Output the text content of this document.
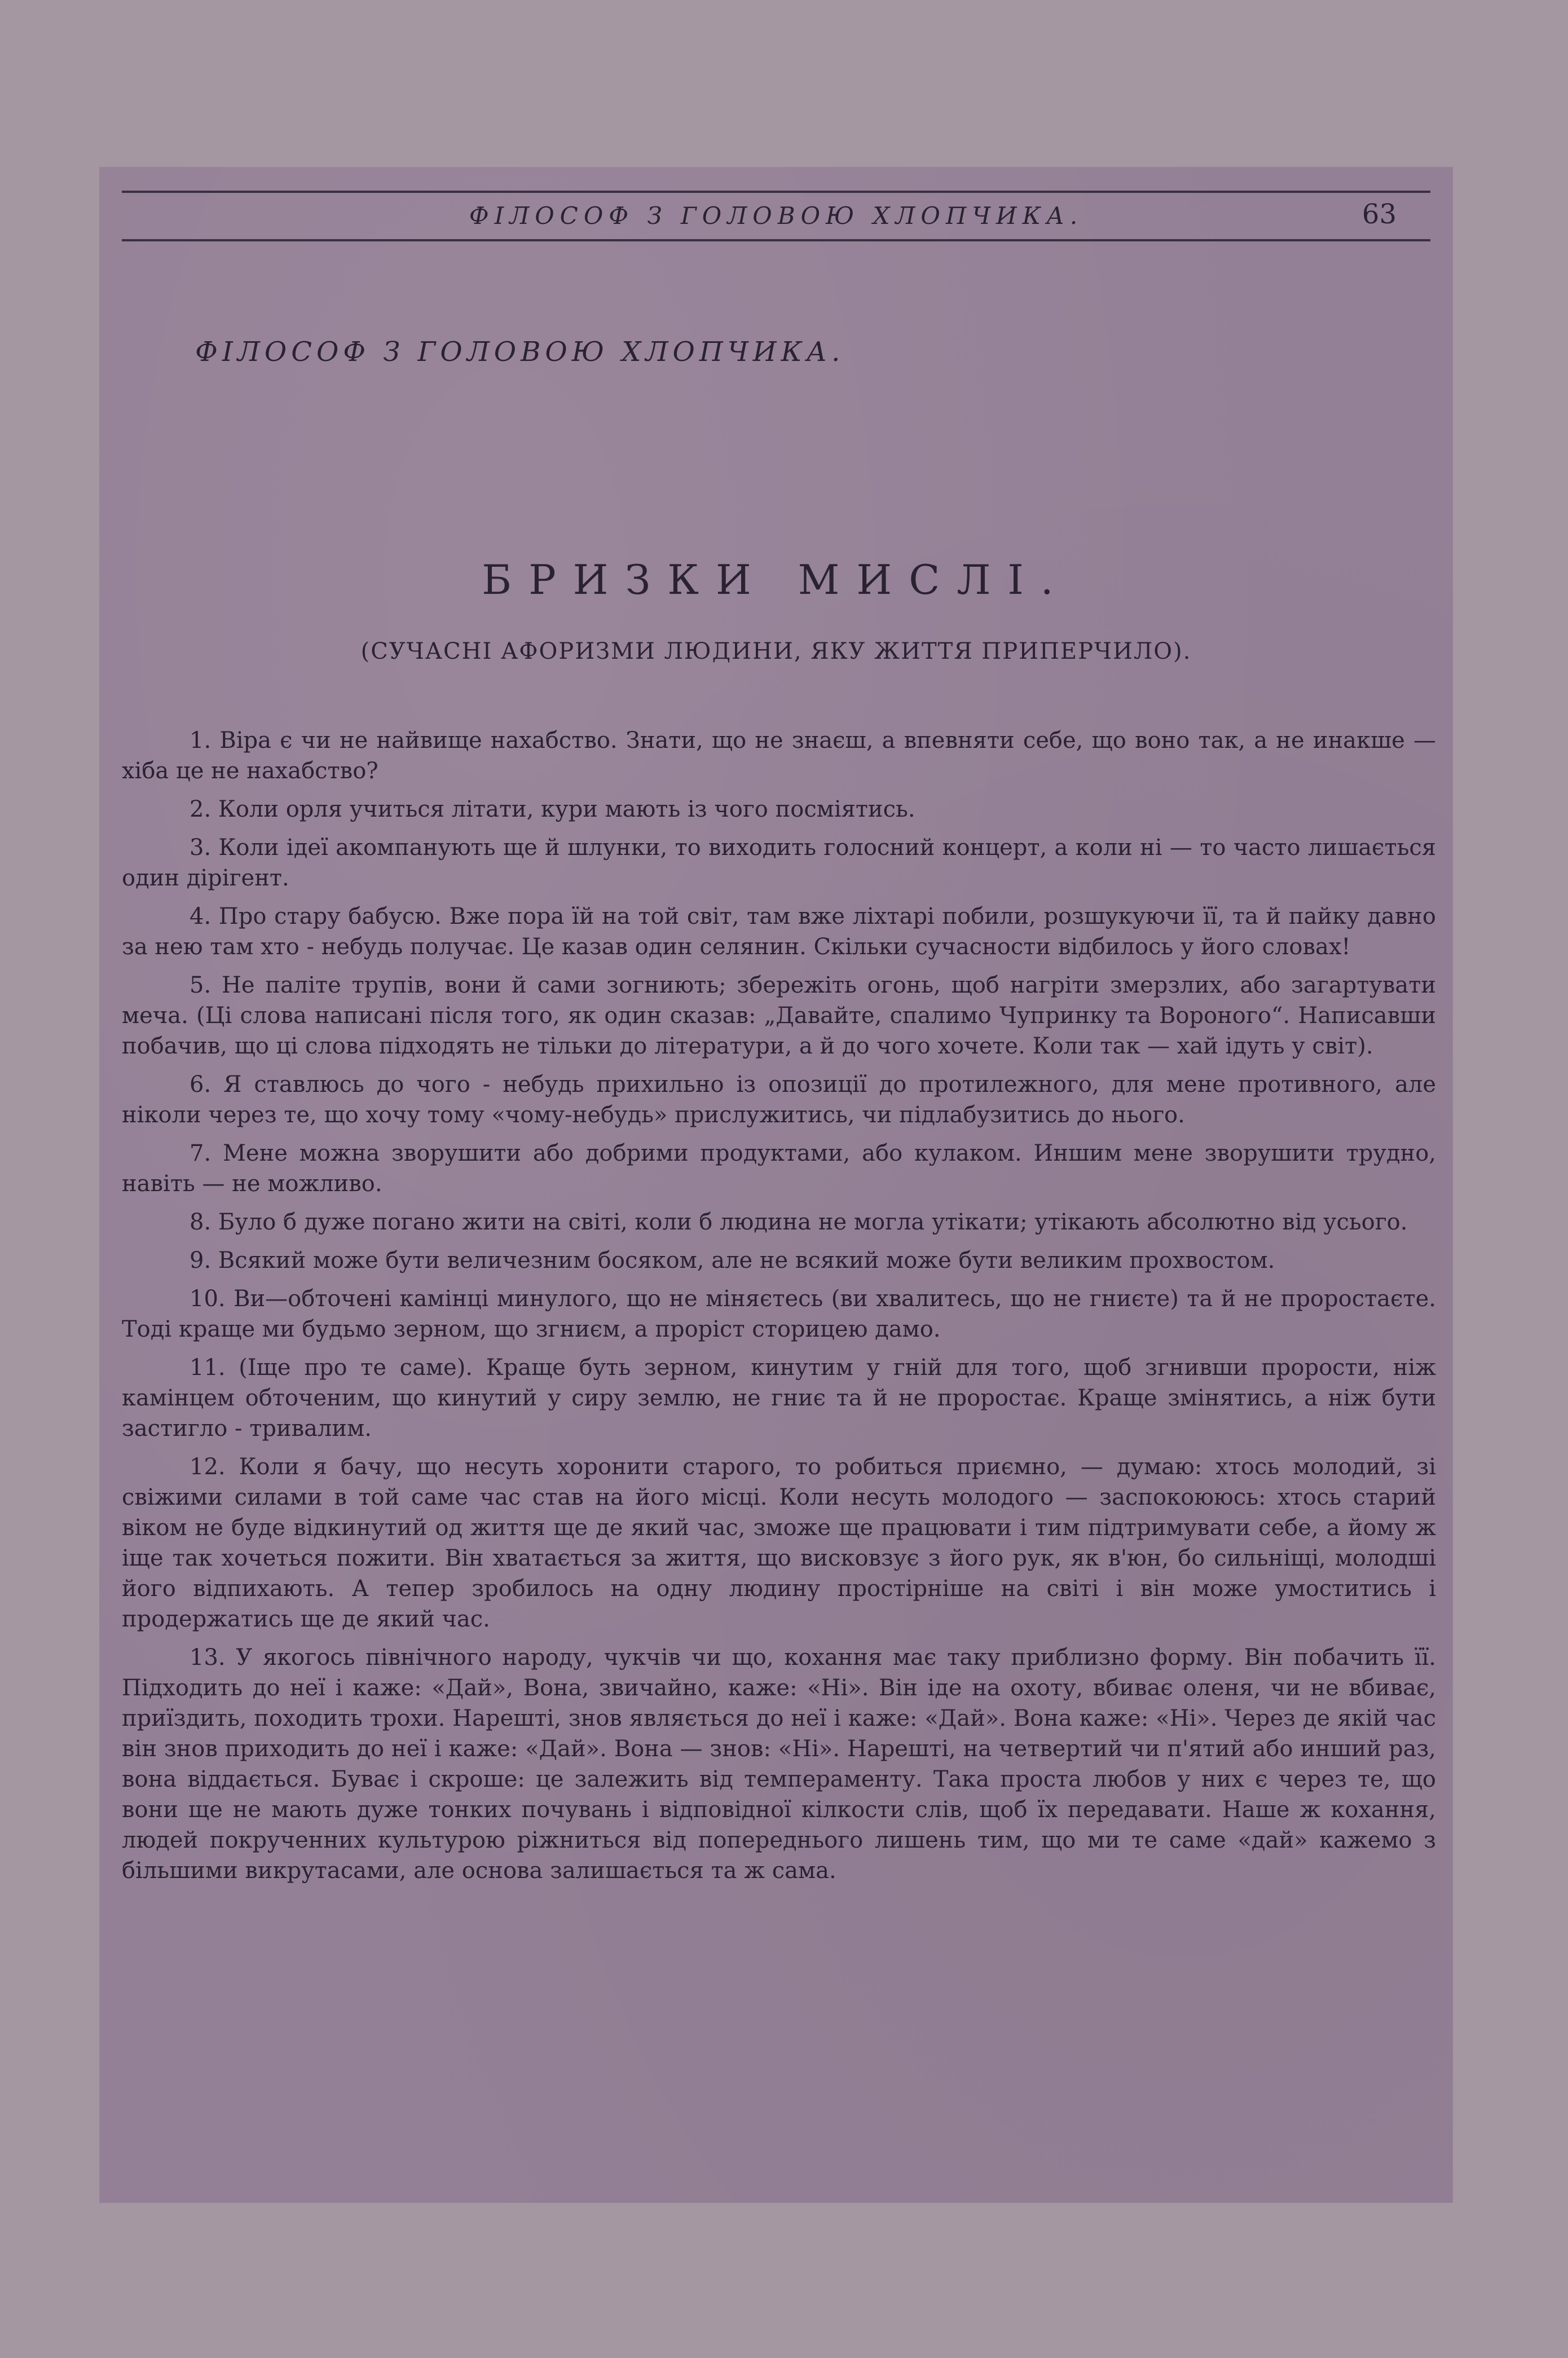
ФІЛОСОФ З ГОЛОВОЮ ХЛОПЧИКА.	63
ФІЛОСОФ З ГОЛОВОЮ ХЛОПЧИКА.
БРИЗКИ МИСЛІ.
(СУЧАСНІ АФОРИЗМИ ЛЮДИНИ, ЯКУ ЖИТТЯ ПРИПЕРЧИЛО).

1. Віра є чи не найвище нахабство. Знати, що не знаєш, а впевняти себе, що воно так, а не инакше — хіба це не нахабство?

2. Коли орля учиться літати, кури мають із чого посміятись.

3. Коли ідеї акомпанують ще й шлунки, то виходить голосний концерт, а коли ні — то часто лишається один дірігент.

4. Про стару бабусю. Вже пора їй на той світ, там вже ліхтарі побили, розшукуючи її, та й пайку давно за нею там хто - небудь получає. Це казав один селянин. Скільки сучасности відбилось у його словах!

5. Не паліте трупів, вони й сами зогниють; збережіть огонь, щоб нагріти змерзлих, або загартувати меча. (Ці слова написані після того, як один сказав: „Давайте, спалимо Чупринку та Вороного“. Написавши побачив, що ці слова підходять не тільки до літератури, а й до чого хочете. Коли так — хай ідуть у світ).

6. Я ставлюсь до чого - небудь прихильно із опозиції до протилежного, для мене противного, але ніколи через те, що хочу тому «чому-небудь» прислужитись, чи підлабузитись до нього.

7. Мене можна зворушити або добрими продуктами, або кулаком. Иншим мене зворушити трудно, навіть — не можливо.

8. Було б дуже погано жити на світі, коли б людина не могла утікати; утікають абсолютно від усього.

9. Всякий може бути величезним босяком, але не всякий може бути великим прохвостом.

10. Ви—обточені камінці минулого, що не міняєтесь (ви хвалитесь, що не гниєте) та й не проростаєте. Тоді краще ми будьмо зерном, що згниєм, а проріст сторицею дамо.

11. (Іще про те саме). Краще буть зерном, кинутим у гній для того, щоб згнивши прорости, ніж камінцем обточеним, що кинутий у сиру землю, не гниє та й не проростає. Краще змінятись, а ніж бути застигло - тривалим.

12. Коли я бачу, що несуть хоронити старого, то робиться приємно, — думаю: хтось молодий, зі свіжими силами в той саме час став на його місці. Коли несуть молодого — заспокоююсь: хтось старий віком не буде відкинутий од життя ще де який час, зможе ще працювати і тим підтримувати себе, а йому ж іще так хочеться пожити. Він хватається за життя, що висковзує з його рук, як в'юн, бо сильніщі, молодші його відпихають. А тепер зробилось на одну людину простірніше на світі і він може умоститись і продержатись ще де який час.

13. У якогось північного народу, чукчів чи що, кохання має таку приблизно форму. Він побачить її. Підходить до неї і каже: «Дай», Вона, звичайно, каже: «Ні». Він іде на охоту, вбиває оленя, чи не вбиває, приїздить, походить трохи. Нарешті, знов являється до неї і каже: «Дай». Вона каже: «Ні». Через де якій час він знов приходить до неї і каже: «Дай». Вона — знов: «Ні». Нарешті, на четвертий чи п'ятий або инший раз, вона віддається. Буває і скроше: це залежить від темпераменту. Така проста любов у них є через те, що вони ще не мають дуже тонких почувань і відповідної кілкости слів, щоб їх передавати. Наше ж кохання, людей покрученних культурою ріжниться від попереднього лишень тим, що ми те саме «дай» кажемо з більшими викрутасами, але основа залишається та ж сама.
